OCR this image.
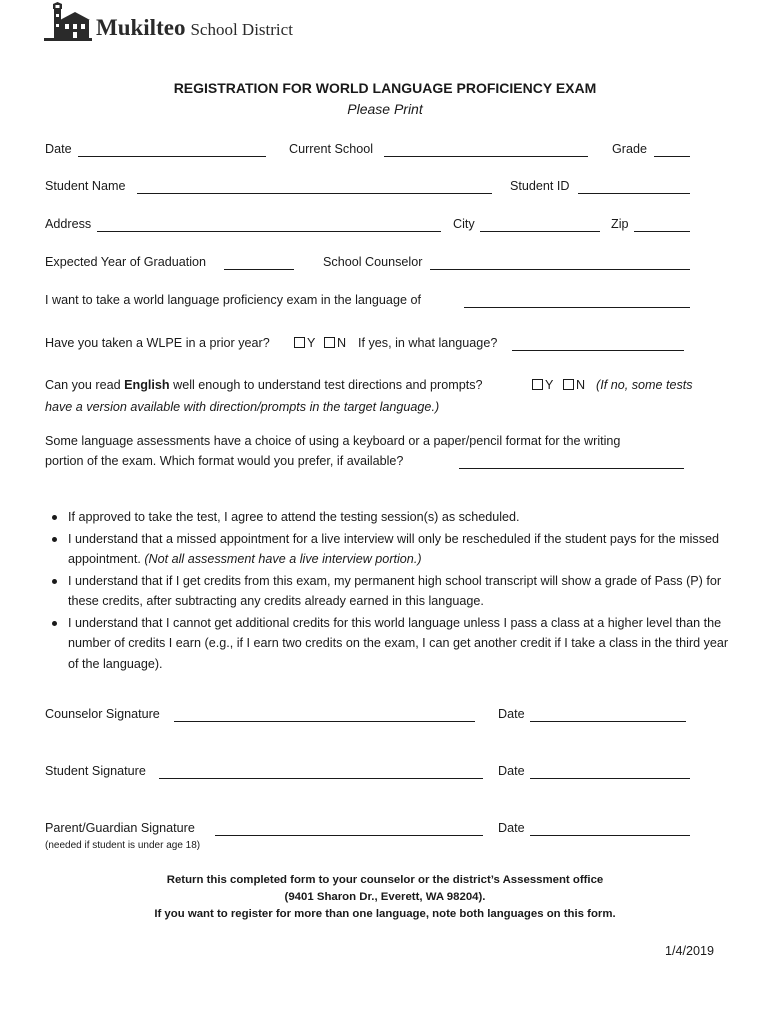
Mukilteo School District
REGISTRATION FOR WORLD LANGUAGE PROFICIENCY EXAM
Please Print
Date	Current School	Grade
Student Name	Student ID
Address	City	Zip
Expected Year of Graduation	School Counselor
I want to take a world language proficiency exam in the language of
Have you taken a WLPE in a prior year?	Y	N If yes, in what language?
Can you read English well enough to understand test directions and prompts?	Y	N (If no, some tests
have a version available with direction/prompts in the target language.)
Some language assessments have a choice of using a keyboard or a paper/pencil format for the writing
portion of the exam. Which format would you prefer, if available?
If approved to take the test, I agree to attend the testing session(s) as scheduled.
I understand that a missed appointment for a live interview will only be rescheduled if the student pays for the missed appointment. (Not all assessment have a live interview portion.)
I understand that if I get credits from this exam, my permanent high school transcript will show a grade of Pass (P) for these credits, after subtracting any credits already earned in this language.
I understand that I cannot get additional credits for this world language unless I pass a class at a higher level than the number of credits I earn (e.g., if I earn two credits on the exam, I can get another credit if I take a class in the third year of the language).
Counselor Signature	Date
Student Signature	Date
Parent/Guardian Signature	Date
(needed if student is under age 18)
Return this completed form to your counselor or the district’s Assessment office
(9401 Sharon Dr., Everett, WA 98204).
If you want to register for more than one language, note both languages on this form.
1/4/2019
